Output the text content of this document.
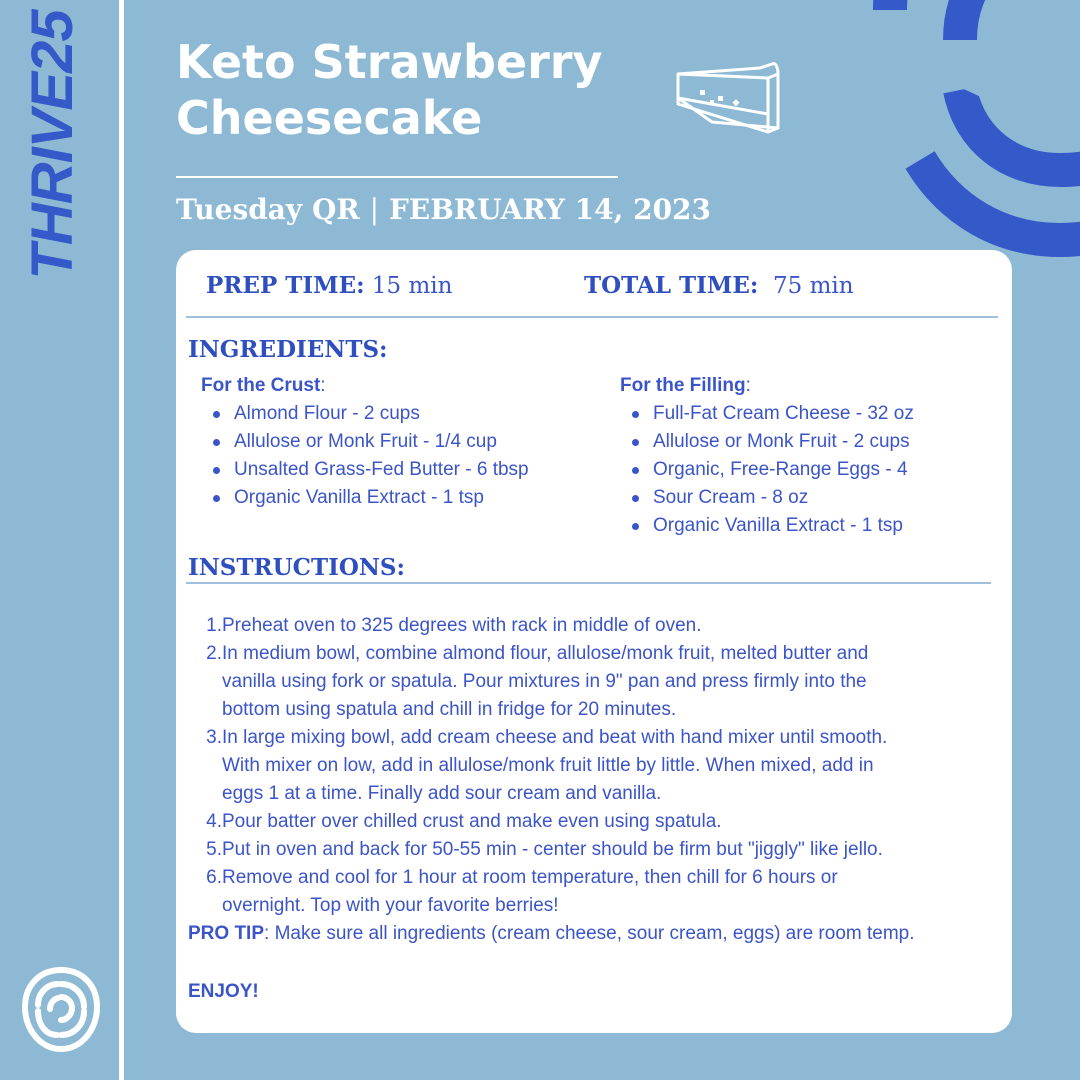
THRIVE25 Keto Strawberry
Cheesecake
Tuesday QR | FEBRUARY 14, 2023
PREP TIME: 15 min	TOTAL TIME: 75 min
INGREDIENTS:
For the Crust:
Almond Flour - 2 cups
Allulose or Monk Fruit - 1/4 cup
Unsalted Grass-Fed Butter - 6 tbsp
Organic Vanilla Extract - 1 tsp
For the Filling:
Full-Fat Cream Cheese - 32 oz
Allulose or Monk Fruit - 2 cups
Organic, Free-Range Eggs - 4
Sour Cream - 8 oz
Organic Vanilla Extract - 1 tsp
INSTRUCTIONS:
1. Preheat oven to 325 degrees with rack in middle of oven.
2. In medium bowl, combine almond flour, allulose/monk fruit, melted butter and
vanilla using fork or spatula. Pour mixtures in 9" pan and press firmly into the
bottom using spatula and chill in fridge for 20 minutes.
3. In large mixing bowl, add cream cheese and beat with hand mixer until smooth.
With mixer on low, add in allulose/monk fruit little by little. When mixed, add in
eggs 1 at a time. Finally add sour cream and vanilla.
4. Pour batter over chilled crust and make even using spatula.
5. Put in oven and back for 50-55 min - center should be firm but "jiggly" like jello.
6. Remove and cool for 1 hour at room temperature, then chill for 6 hours or
overnight. Top with your favorite berries!
PRO TIP: Make sure all ingredients (cream cheese, sour cream, eggs) are room temp.
ENJOY!
